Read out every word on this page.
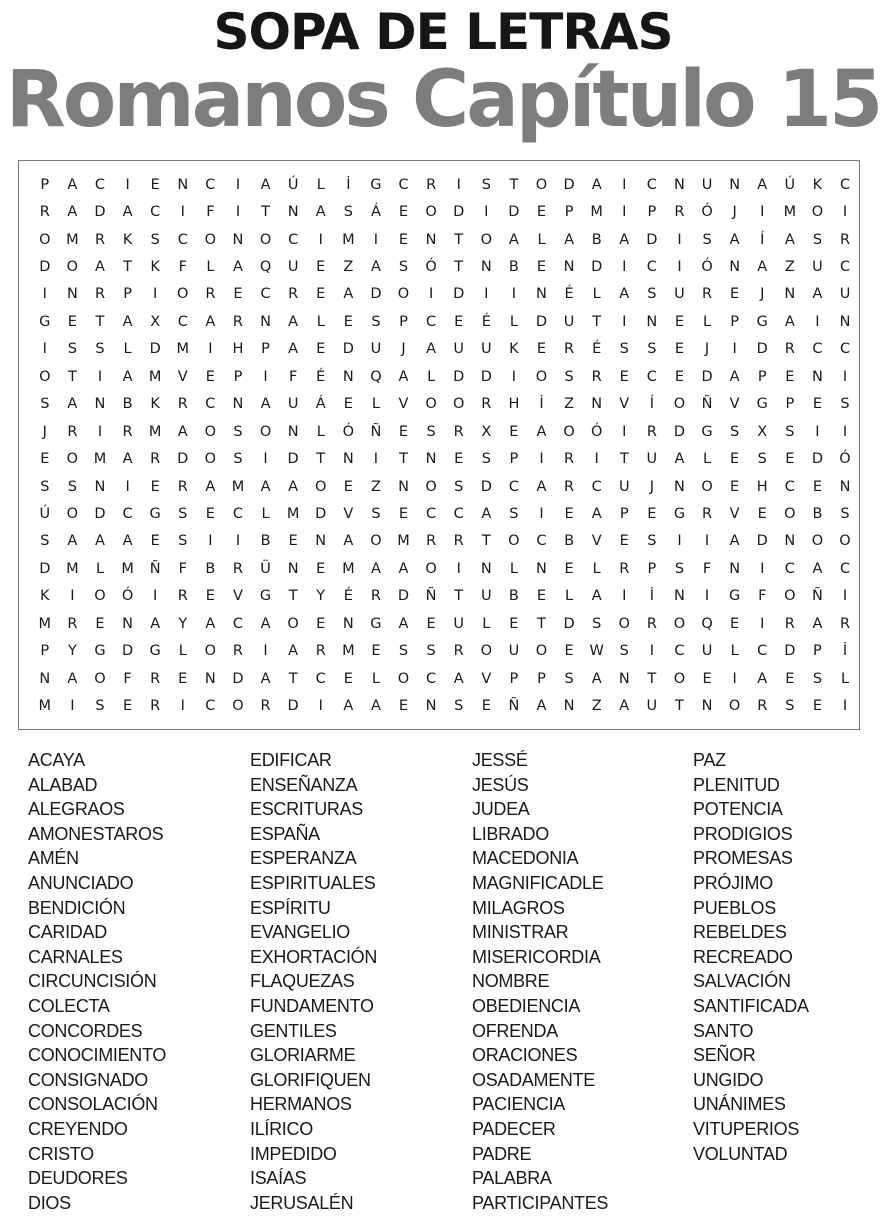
SOPA DE LETRAS
Romanos Capítulo 15
P	A	C	I	E	N	C	I	A	Ú	L	İ	G	C	R	I	S	T	O	D	A	I	C	N	U	N	A	Ú	K	C
R	A	D	A	C	I	F	I	T	N	A	S	Á	E	O	D	I	D	E	P	M	I	P	R	Ó	J	I	M	O	I
O	M	R	K	S	C	O	N	O	C	I	M	I	E	N	T	O	A	L	A	B	A	D	I	S	A	Í	A	S	R
D	O	A	T	K	F	L	A	Q	U	E	Z	A	S	Ó	T	N	B	E	N	D	I	C	I	Ó	N	A	Z	U	C
I	N	R	P	I	O	R	E	C	R	E	A	D	O	I	D	I	I	N	É	L	A	S	U	R	E	J	N	A	U
G	E	T	A	X	C	A	R	N	A	L	E	S	P	C	E	É	L	D	U	T	I	N	E	L	P	G	A	I	N
I	S	S	L	D	M	I	H	P	A	E	D	U	J	A	U	U	K	E	R	É	S	S	E	J	I	D	R	C	C
O	T	I	A	M	V	E	P	I	F	É	N	Q	A	L	D	D	I	O	S	R	E	C	E	D	A	P	E	N	I
S	A	N	B	K	R	C	N	A	U	Á	E	L	V	O	O	R	H	İ	Z	N	V	Í	O	Ñ	V	G	P	E	S
J	R	I	R	M	A	O	S	O	N	L	Ó	Ñ	E	S	R	X	E	A	O	Ó	I	R	D	G	S	X	S	I	I
E	O	M	A	R	D	O	S	I	D	T	N	I	T	N	E	S	P	I	R	I	T	U	A	L	E	S	E	D	Ó
S	S	N	I	E	R	A	M	A	A	O	E	Z	N	O	S	D	C	A	R	C	U	J	N	O	E	H	C	E	N
Ú	O	D	C	G	S	E	C	L	M	D	V	S	E	C	C	A	S	I	E	A	P	E	G	R	V	E	O	B	S
S	A	A	A	E	S	I	I	B	E	N	A	O	M	R	R	T	O	C	B	V	E	S	I	I	A	D	N	O	O
D	M	L	M	Ñ	F	B	R	Ü	N	E	M	A	A	O	I	N	L	N	E	L	R	P	S	F	N	I	C	A	C
K	I	O	Ó	I	R	E	V	G	T	Y	É	R	D	Ñ	T	U	B	E	L	A	I	İ	N	I	G	F	O	Ñ	I
M	R	E	N	A	Y	A	C	A	O	E	N	G	A	E	U	L	E	T	D	S	O	R	O	Q	E	I	R	A	R
P	Y	G	D	G	L	O	R	I	A	R	M	E	S	S	R	O	U	O	E	W	S	I	C	U	L	C	D	P	İ
N	A	O	F	R	E	N	D	A	T	C	E	L	O	C	A	V	P	P	S	A	N	T	O	E	I	A	E	S	L
M	I	S	E	R	I	C	O	R	D	I	A	A	E	N	S	E	Ñ	A	N	Z	A	U	T	N	O	R	S	E	I
ACAYA
ALABAD
ALEGRAOS
AMONESTAROS
AMÉN
ANUNCIADO
BENDICIÓN
CARIDAD
CARNALES
CIRCUNCISIÓN
COLECTA
CONCORDES
CONOCIMIENTO
CONSIGNADO
CONSOLACIÓN
CREYENDO
CRISTO
DEUDORES
DIOS
EDIFICAR
ENSEÑANZA
ESCRITURAS
ESPAÑA
ESPERANZA
ESPIRITUALES
ESPÍRITU
EVANGELIO
EXHORTACIÓN
FLAQUEZAS
FUNDAMENTO
GENTILES
GLORIARME
GLORIFIQUEN
HERMANOS
ILÍRICO
IMPEDIDO
ISAÍAS
JERUSALÉN
JESSÉ
JESÚS
JUDEA
LIBRADO
MACEDONIA
MAGNIFICADLE
MILAGROS
MINISTRAR
MISERICORDIA
NOMBRE
OBEDIENCIA
OFRENDA
ORACIONES
OSADAMENTE
PACIENCIA
PADECER
PADRE
PALABRA
PARTICIPANTES
PAZ
PLENITUD
POTENCIA
PRODIGIOS
PROMESAS
PRÓJIMO
PUEBLOS
REBELDES
RECREADO
SALVACIÓN
SANTIFICADA
SANTO
SEÑOR
UNGIDO
UNÁNIMES
VITUPERIOS
VOLUNTAD
